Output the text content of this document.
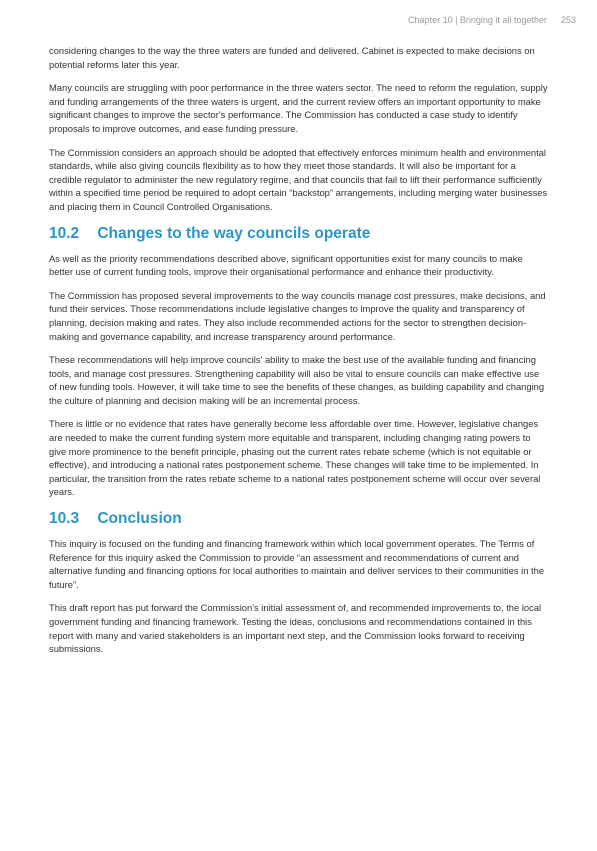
Chapter 10 | Bringing it all together 253

considering changes to the way the three waters are funded and delivered. Cabinet is expected to make decisions on potential reforms later this year.

Many councils are struggling with poor performance in the three waters sector. The need to reform the regulation, supply and funding arrangements of the three waters is urgent, and the current review offers an important opportunity to make significant changes to improve the sector's performance. The Commission has conducted a case study to identify proposals to improve outcomes, and ease funding pressure.

The Commission considers an approach should be adopted that effectively enforces minimum health and environmental standards, while also giving councils flexibility as to how they meet those standards. It will also be important for a credible regulator to administer the new regulatory regime, and that councils that fail to lift their performance sufficiently within a specified time period be required to adopt certain “backstop” arrangements, including merging water businesses and placing them in Council Controlled Organisations.

10.2 Changes to the way councils operate

As well as the priority recommendations described above, significant opportunities exist for many councils to make better use of current funding tools, improve their organisational performance and enhance their productivity.

The Commission has proposed several improvements to the way councils manage cost pressures, make decisions, and fund their services. Those recommendations include legislative changes to improve the quality and transparency of planning, decision making and rates. They also include recommended actions for the sector to strengthen decision-making and governance capability, and increase transparency around performance.

These recommendations will help improve councils' ability to make the best use of the available funding and financing tools, and manage cost pressures. Strengthening capability will also be vital to ensure councils can make effective use of new funding tools. However, it will take time to see the benefits of these changes, as building capability and changing the culture of planning and decision making will be an incremental process.

There is little or no evidence that rates have generally become less affordable over time. However, legislative changes are needed to make the current funding system more equitable and transparent, including changing rating powers to give more prominence to the benefit principle, phasing out the current rates rebate scheme (which is not equitable or effective), and introducing a national rates postponement scheme. These changes will take time to be implemented. In particular, the transition from the rates rebate scheme to a national rates postponement scheme will occur over several years.

10.3 Conclusion

This inquiry is focused on the funding and financing framework within which local government operates. The Terms of Reference for this inquiry asked the Commission to provide “an assessment and recommendations of current and alternative funding and financing options for local authorities to maintain and deliver services to their communities in the future”.

This draft report has put forward the Commission's initial assessment of, and recommended improvements to, the local government funding and financing framework. Testing the ideas, conclusions and recommendations contained in this report with many and varied stakeholders is an important next step, and the Commission looks forward to receiving submissions.
